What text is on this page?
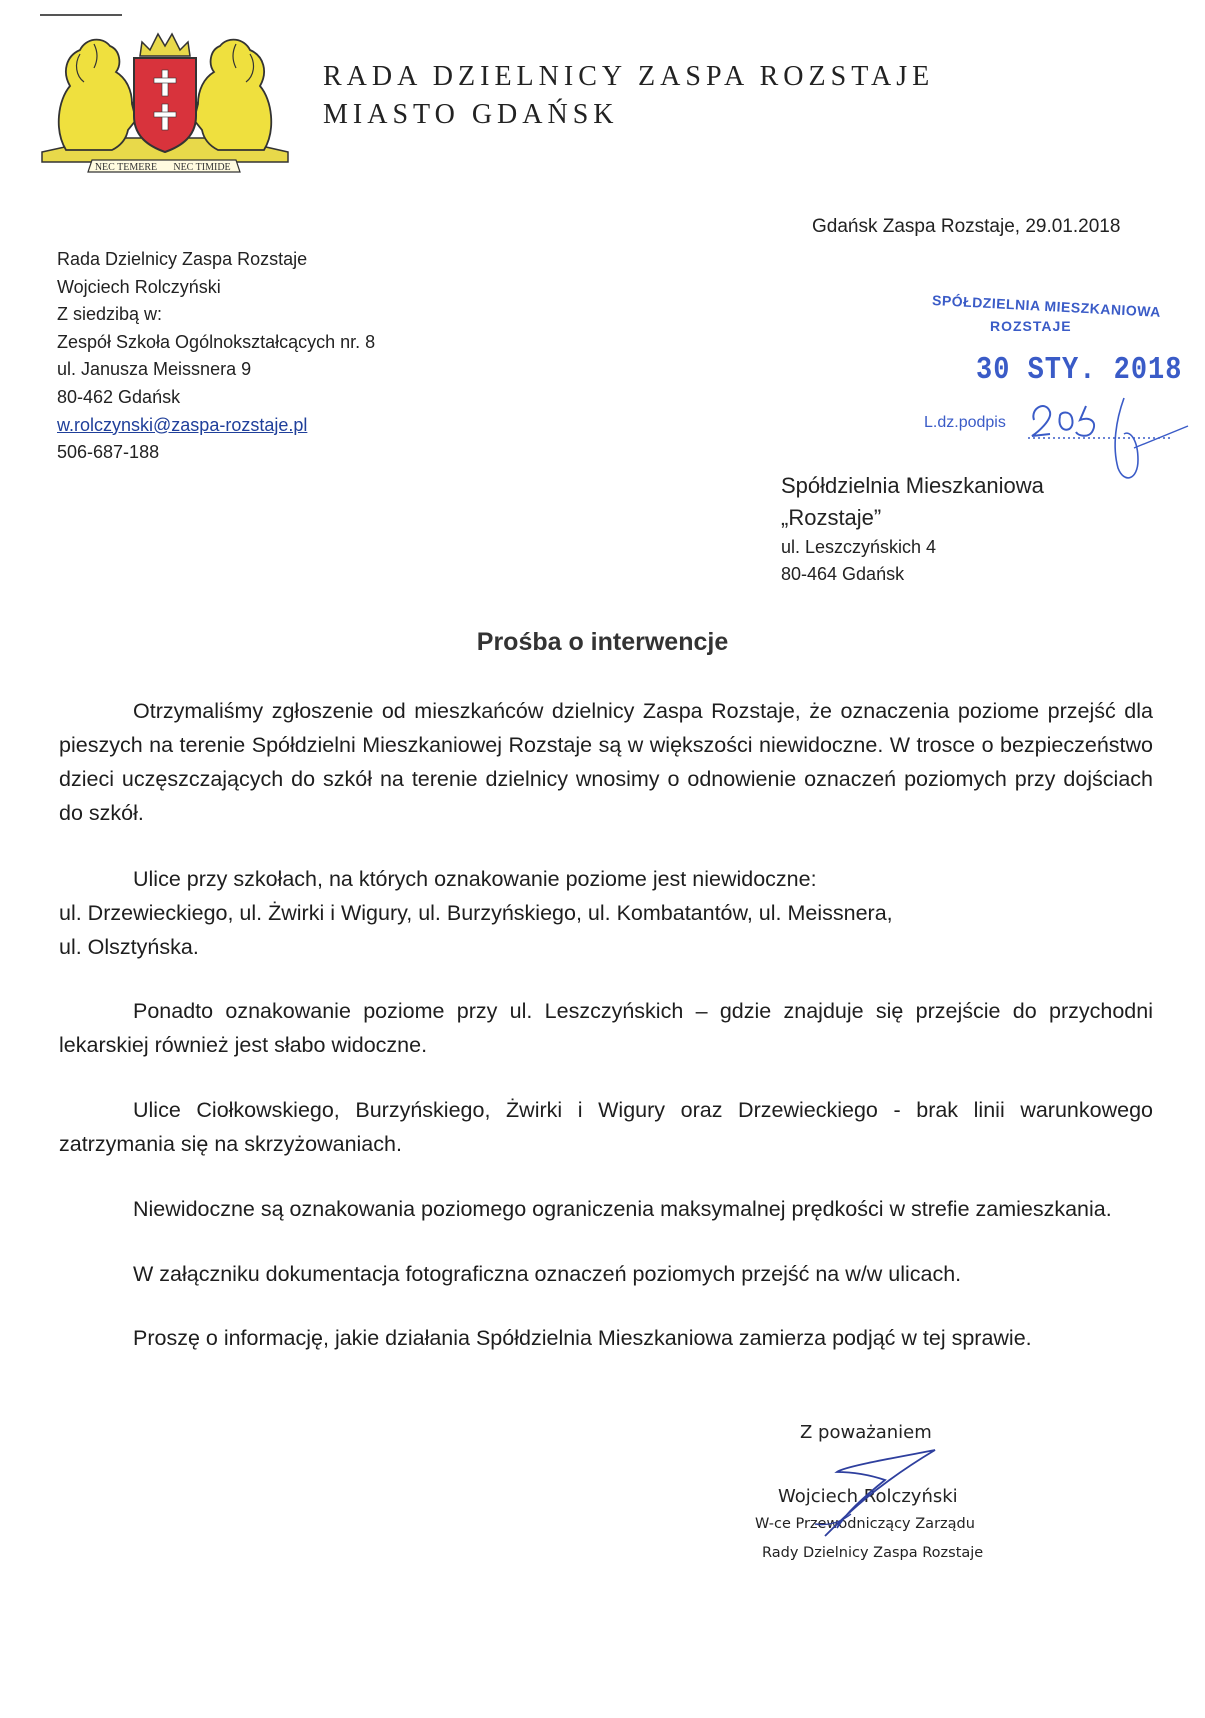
NEC TEMERE NEC TIMIDE
RADA DZIELNICY ZASPA ROZSTAJE
MIASTO GDAŃSK
Gdańsk Zaspa Rozstaje, 29.01.2018
Rada Dzielnicy Zaspa Rozstaje
Wojciech Rolczyński
Z siedzibą w:
Zespół Szkoła Ogólnokształcących nr. 8
ul. Janusza Meissnera 9
80-462 Gdańsk
w.rolczynski@zaspa-rozstaje.pl
506-687-188
SPÓŁDZIELNIA MIESZKANIOWA
ROZSTAJE
30 STY. 2018
L.dz.podpis
Spółdzielnia Mieszkaniowa
„Rozstaje”
ul. Leszczyńskich 4
80-464 Gdańsk
Prośba o interwencje

Otrzymaliśmy zgłoszenie od mieszkańców dzielnicy Zaspa Rozstaje, że oznaczenia poziome przejść dla pieszych na terenie Spółdzielni Mieszkaniowej Rozstaje są w większości niewidoczne. W trosce o bezpieczeństwo dzieci uczęszczających do szkół na terenie dzielnicy wnosimy o odnowienie oznaczeń poziomych przy dojściach do szkół.

Ulice przy szkołach, na których oznakowanie poziome jest niewidoczne:

ul. Drzewieckiego, ul. Żwirki i Wigury, ul. Burzyńskiego, ul. Kombatantów, ul. Meissnera,

ul. Olsztyńska.

Ponadto oznakowanie poziome przy ul. Leszczyńskich – gdzie znajduje się przejście do przychodni lekarskiej również jest słabo widoczne.

Ulice Ciołkowskiego, Burzyńskiego, Żwirki i Wigury oraz Drzewieckiego - brak linii warunkowego zatrzymania się na skrzyżowaniach.

Niewidoczne są oznakowania poziomego ograniczenia maksymalnej prędkości w strefie zamieszkania.

W załączniku dokumentacja fotograficzna oznaczeń poziomych przejść na w/w ulicach.

Proszę o informację, jakie działania Spółdzielnia Mieszkaniowa zamierza podjąć w tej sprawie.

Z poważaniem
Wojciech Rolczyński
W-ce Przewodniczący Zarządu
Rady Dzielnicy Zaspa Rozstaje
